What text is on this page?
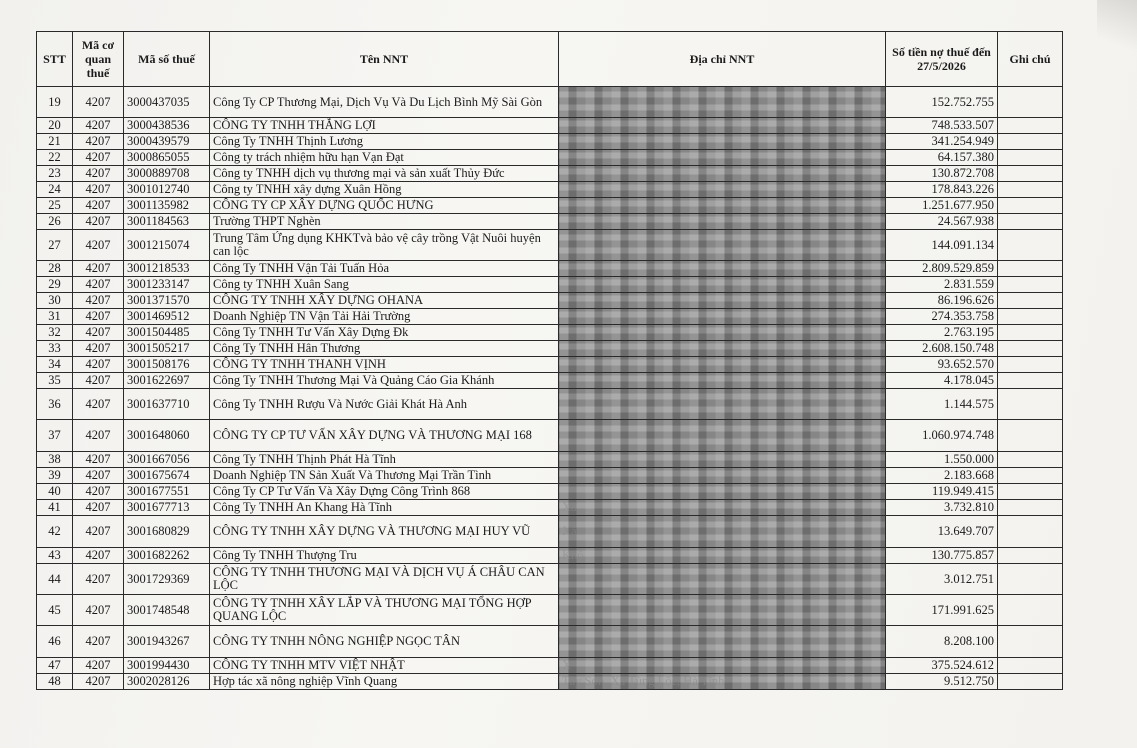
STT	Mã cơ quan thuế	Mã số thuế	Tên NNT	Địa chỉ NNT	Số tiền nợ thuế đến 27/5/2026	Ghi chú
19	4207	3000437035	Công Ty CP Thương Mại, Dịch Vụ Và Du Lịch Bình Mỹ Sài Gòn		152.752.755	
20	4207	3000438536	CÔNG TY TNHH THẮNG LỢI		748.533.507	
21	4207	3000439579	Công Ty TNHH Thịnh Lương		341.254.949	
22	4207	3000865055	Công ty trách nhiệm hữu hạn Vạn Đạt		64.157.380	
23	4207	3000889708	Công ty TNHH dịch vụ thương mại và sản xuất Thủy Đức		130.872.708	
24	4207	3001012740	Công ty TNHH xây dựng Xuân Hồng		178.843.226	
25	4207	3001135982	CÔNG TY CP XÂY DỰNG QUỐC HƯNG		1.251.677.950	
26	4207	3001184563	Trường THPT Nghèn		24.567.938	
27	4207	3001215074	Trung Tâm Ứng dụng KHKTvà bảo vệ cây trồng Vật Nuôi huyện can lộc		144.091.134	
28	4207	3001218533	Công Ty TNHH Vận Tải Tuấn Hỏa		2.809.529.859	
29	4207	3001233147	Công ty TNHH Xuân Sang		2.831.559	
30	4207	3001371570	CÔNG TY TNHH XÂY DỰNG OHANA		86.196.626	
31	4207	3001469512	Doanh Nghiệp TN Vận Tải Hải Trường		274.353.758	
32	4207	3001504485	Công Ty TNHH Tư Vấn Xây Dựng Đk		2.763.195	
33	4207	3001505217	Công Ty TNHH Hân Thương		2.608.150.748	
34	4207	3001508176	CÔNG TY TNHH THANH VỊNH		93.652.570	
35	4207	3001622697	Công Ty TNHH Thương Mại Và Quảng Cáo Gia Khánh		4.178.045	
36	4207	3001637710	Công Ty TNHH Rượu Và Nước Giải Khát Hà Anh		1.144.575	
37	4207	3001648060	CÔNG TY CP TƯ VẤN XÂY DỰNG VÀ THƯƠNG MẠI 168		1.060.974.748	
38	4207	3001667056	Công Ty TNHH Thịnh Phát Hà Tĩnh		1.550.000	
39	4207	3001675674	Doanh Nghiệp TN Sản Xuất Và Thương Mại Trần Tình		2.183.668	
40	4207	3001677551	Công Ty CP Tư Vấn Và Xây Dựng Công Trình 868		119.949.415	
41	4207	3001677713	Công Ty TNHH An Khang Hà Tĩnh	Xã	3.732.810	
42	4207	3001680829	CÔNG TY TNHH XÂY DỰNG VÀ THƯƠNG MẠI HUY VŨ	Xã	13.649.707	
43	4207	3001682262	Công Ty TNHH Thượng Tru	Khố	130.775.857	
44	4207	3001729369	CÔNG TY TNHH THƯƠNG MẠI VÀ DỊCH VỤ Á CHÂU CAN LỘC		3.012.751	
45	4207	3001748548	CÔNG TY TNHH XÂY LẮP VÀ THƯƠNG MẠI TỔNG HỢP QUANG LỘC		171.991.625	
46	4207	3001943267	CÔNG TY TNHH NÔNG NGHIỆP NGỌC TÂN		8.208.100	
47	4207	3001994430	CÔNG TY TNHH MTV VIỆT NHẬT	X	375.524.612	
48	4207	3002028126	Hợp tác xã nông nghiệp Vĩnh Quang	Tây Sơn, Xã Tùng Lộc, Hà Tĩnh	9.512.750	
